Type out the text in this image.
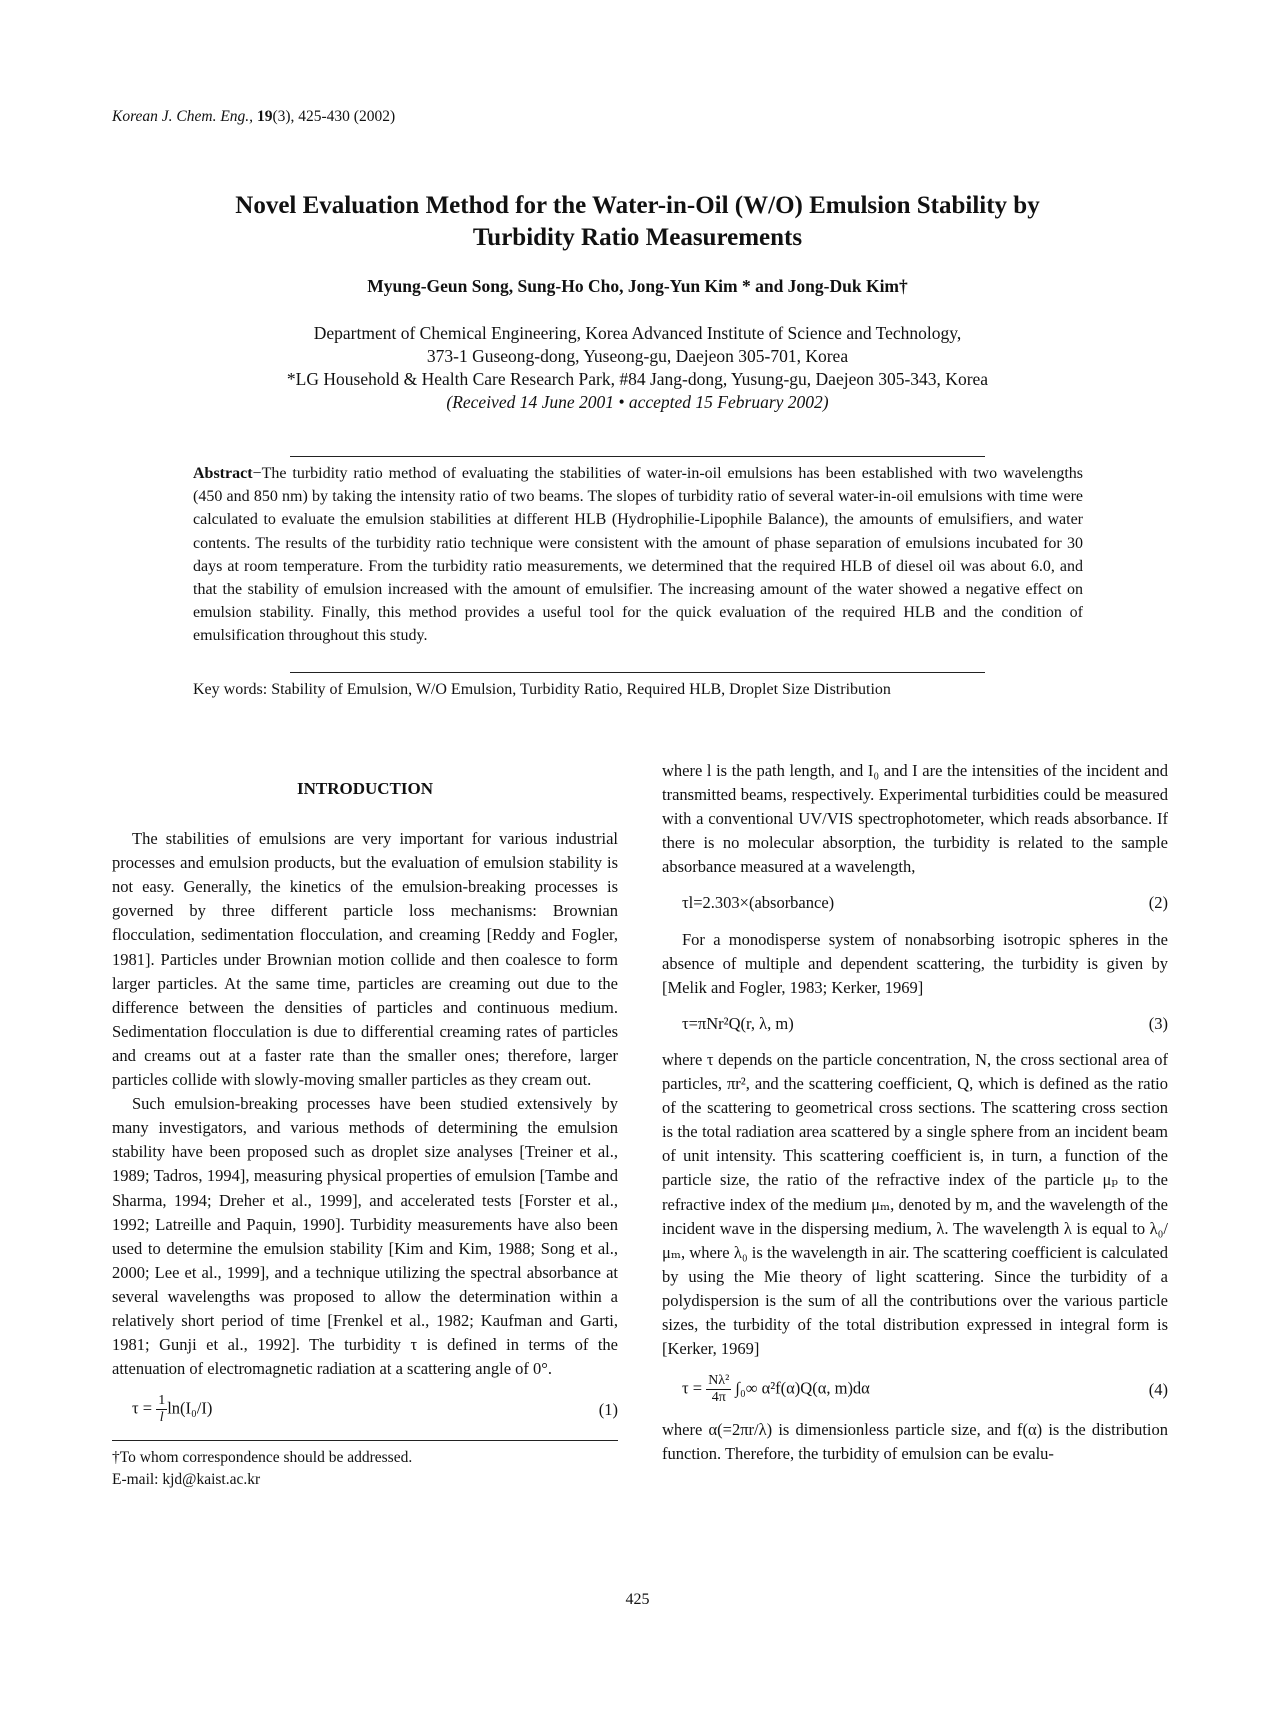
Korean J. Chem. Eng., 19(3), 425-430 (2002)
Novel Evaluation Method for the Water-in-Oil (W/O) Emulsion Stability by
Turbidity Ratio Measurements
Myung-Geun Song, Sung-Ho Cho, Jong-Yun Kim * and Jong-Duk Kim†
Department of Chemical Engineering, Korea Advanced Institute of Science and Technology,
373-1 Guseong-dong, Yuseong-gu, Daejeon 305-701, Korea
*LG Household & Health Care Research Park, #84 Jang-dong, Yusung-gu, Daejeon 305-343, Korea
(Received 14 June 2001 • accepted 15 February 2002)
Abstract−The turbidity ratio method of evaluating the stabilities of water-in-oil emulsions has been established with two wavelengths (450 and 850 nm) by taking the intensity ratio of two beams. The slopes of turbidity ratio of several water-in-oil emulsions with time were calculated to evaluate the emulsion stabilities at different HLB (Hydrophilie-Lipophile Balance), the amounts of emulsifiers, and water contents. The results of the turbidity ratio technique were consistent with the amount of phase separation of emulsions incubated for 30 days at room temperature. From the turbidity ratio measurements, we determined that the required HLB of diesel oil was about 6.0, and that the stability of emulsion increased with the amount of emulsifier. The increasing amount of the water showed a negative effect on emulsion stability. Finally, this method provides a useful tool for the quick evaluation of the required HLB and the condition of emulsification throughout this study.
Key words: Stability of Emulsion, W/O Emulsion, Turbidity Ratio, Required HLB, Droplet Size Distribution
INTRODUCTION

The stabilities of emulsions are very important for various industrial processes and emulsion products, but the evaluation of emulsion stability is not easy. Generally, the kinetics of the emulsion-breaking processes is governed by three different particle loss mechanisms: Brownian flocculation, sedimentation flocculation, and creaming [Reddy and Fogler, 1981]. Particles under Brownian motion collide and then coalesce to form larger particles. At the same time, particles are creaming out due to the difference between the densities of particles and continuous medium. Sedimentation flocculation is due to differential creaming rates of particles and creams out at a faster rate than the smaller ones; therefore, larger particles collide with slowly-moving smaller particles as they cream out.

Such emulsion-breaking processes have been studied extensively by many investigators, and various methods of determining the emulsion stability have been proposed such as droplet size analyses [Treiner et al., 1989; Tadros, 1994], measuring physical properties of emulsion [Tambe and Sharma, 1994; Dreher et al., 1999], and accelerated tests [Forster et al., 1992; Latreille and Paquin, 1990]. Turbidity measurements have also been used to determine the emulsion stability [Kim and Kim, 1988; Song et al., 2000; Lee et al., 1999], and a technique utilizing the spectral absorbance at several wavelengths was proposed to allow the determination within a relatively short period of time [Frenkel et al., 1982; Kaufman and Garti, 1981; Gunji et al., 1992]. The turbidity τ is defined in terms of the attenuation of electromagnetic radiation at a scattering angle of 0°.

$\tau = \frac{1}{l} \ln(I_0/I)$	(1)
†To whom correspondence should be addressed.
E-mail: kjd@kaist.ac.kr

where l is the path length, and I₀ and I are the intensities of the incident and transmitted beams, respectively. Experimental turbidities could be measured with a conventional UV/VIS spectrophotometer, which reads absorbance. If there is no molecular absorption, the turbidity is related to the sample absorbance measured at a wavelength,

τl=2.303×(absorbance)	(2)

For a monodisperse system of nonabsorbing isotropic spheres in the absence of multiple and dependent scattering, the turbidity is given by [Melik and Fogler, 1983; Kerker, 1969]

τ=πNr²Q(r, λ, m)	(3)

where τ depends on the particle concentration, N, the cross sectional area of particles, πr², and the scattering coefficient, Q, which is defined as the ratio of the scattering to geometrical cross sections. The scattering cross section is the total radiation area scattered by a single sphere from an incident beam of unit intensity. This scattering coefficient is, in turn, a function of the particle size, the ratio of the refractive index of the particle μₚ to the refractive index of the medium μₘ, denoted by m, and the wavelength of the incident wave in the dispersing medium, λ. The wavelength λ is equal to λ₀/μₘ, where λ₀ is the wavelength in air. The scattering coefficient is calculated by using the Mie theory of light scattering. Since the turbidity of a polydispersion is the sum of all the contributions over the various particle sizes, the turbidity of the total distribution expressed in integral form is [Kerker, 1969]

$\tau = \frac{\text{Nλ²}}{4\pi} \int_0\infty$ α²f(α)Q(α, m)dα	(4)

where α(=2πr/λ) is dimensionless particle size, and f(α) is the distribution function. Therefore, the turbidity of emulsion can be evalu-

425
